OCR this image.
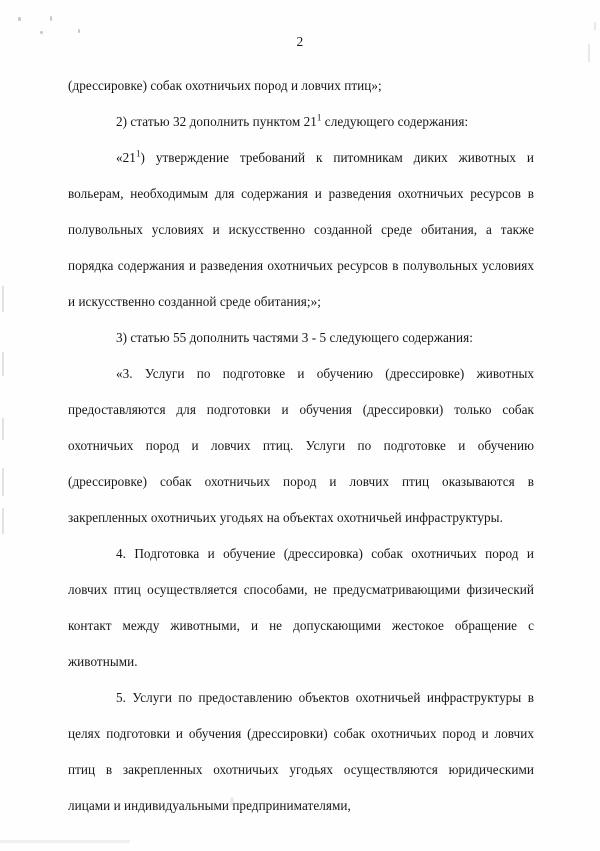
2

(дрессировке) собак охотничьих пород и ловчих птиц»;

2) статью 32 дополнить пунктом $21^1$ следующего содержания:

«$21^1$) утверждение требований к питомникам диких животных и вольерам, необходимым для содержания и разведения охотничьих ресурсов в полувольных условиях и искусственно созданной среде обитания, а также порядка содержания и разведения охотничьих ресурсов в полувольных условиях и искусственно созданной среде обитания;»;

3) статью 55 дополнить частями 3 - 5 следующего содержания:

«3. Услуги по подготовке и обучению (дрессировке) животных предоставляются для подготовки и обучения (дрессировки) только собак охотничьих пород и ловчих птиц. Услуги по подготовке и обучению (дрессировке) собак охотничьих пород и ловчих птиц оказываются в закрепленных охотничьих угодьях на объектах охотничьей инфраструктуры.

4. Подготовка и обучение (дрессировка) собак охотничьих пород и ловчих птиц осуществляется способами, не предусматривающими физический контакт между животными, и не допускающими жестокое обращение с животными.

5. Услуги по предоставлению объектов охотничьей инфраструктуры в целях подготовки и обучения (дрессировки) собак охотничьих пород и ловчих птиц в закрепленных охотничьих угодьях осуществляются юридическими лицами и индивидуальными предпринимателями,
